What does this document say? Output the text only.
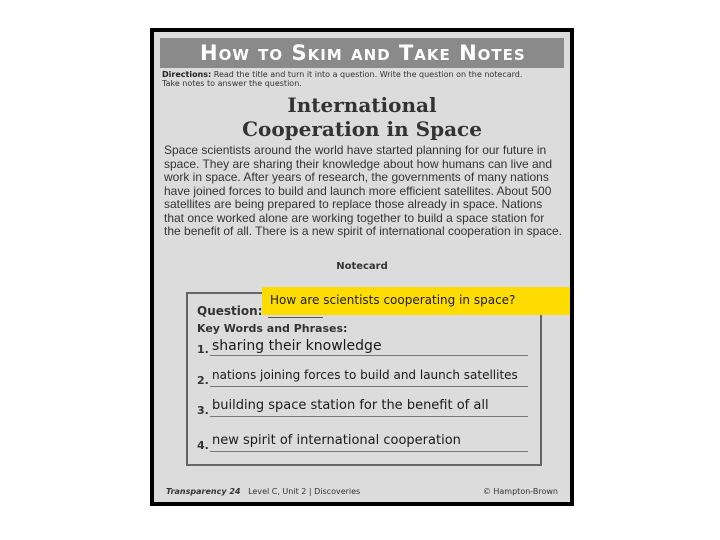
How to Skim and Take Notes
Directions: Read the title and turn it into a question. Write the question on the notecard. Take notes to answer the question.
International
Cooperation in Space
Space scientists around the world have started planning for our future in space. They are sharing their knowledge about how humans can live and work in space. After years of research, the governments of many nations have joined forces to build and launch more efficient satellites. About 500 satellites are being prepared to replace those already in space. Nations that once worked alone are working together to build a space station for the benefit of all. There is a new spirit of international cooperation in space.
Notecard
Question:
Key Words and Phrases:
1. sharing their knowledge
2. nations joining forces to build and launch satellites
3. building space station for the benefit of all
4. new spirit of international cooperation
Transparency 24 Level C, Unit 2 | Discoveries	© Hampton-Brown
How are scientists cooperating in space?
